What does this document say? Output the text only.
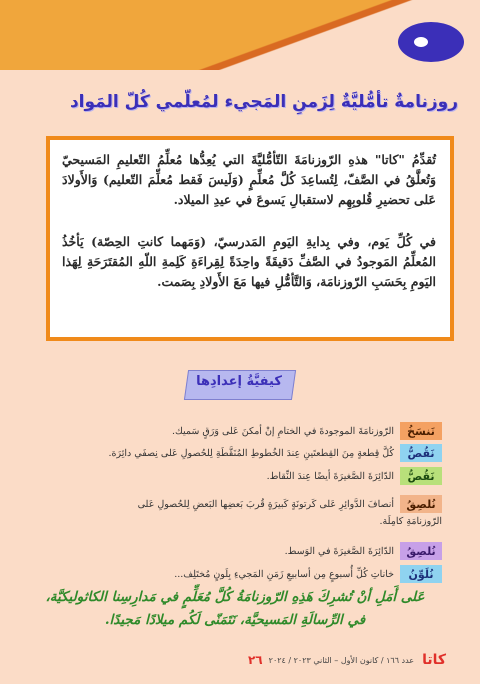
روزنامةٌ تأمُّليَّةٌ لِزَمنِ المَجيء لمُعلّمي كُلّ المَواد

تُقدِّمُ "كاتا" هذهِ الرّوزنامَةَ التّأمُّليَّةَ التي يُعِدُّها مُعلِّمُ التّعليمِ المَسيحيّ وَتُعلَّقُ في الصَّفّ، لِتُساعِدَ كُلَّ مُعلِّمٍ (وَلَيسَ فَقط مُعلِّمَ التّعليم) وَالأَولادَ عَلى تحضيرِ قُلوبِهِم لاستقبالِ يَسوعَ في عيدِ الميلاد.

في كُلِّ يَوم، وفي بِدايةِ اليَومِ المَدرسيّ، (وَمَهما كانتِ الحِصّة) يَأخُذُ المُعلِّمُ المَوجودُ في الصَّفِّ دَقيقَةً واحِدَةً لِقِراءَةِ كَلِمةِ اللّهِ المُقتَرَحَةِ لِهَذا اليَومِ بِحَسَبِ الرّوزنامَة، وَالتَّأمُّلِ فيها مَعَ الأَولادِ بِصَمت.

كيفيَّةُ إعدادِها
نَنسَخُ
الرّوزنامَةَ الموجودةَ في الختامِ إنْ أمكنَ عَلى وَرَقٍ سَميك.
نَقُصُّ
كُلَّ قِطعةٍ مِنَ القِطعتَينِ عِندَ الخُطوطِ المُنَقَّطَةِ لِلحُصولِ عَلى نِصفَي دائِرَة.
نَقُصُّ
الدّائِرَةَ الصَّغيرَةَ أيضًا عِندَ النِّقاط.
نُلصِقُ
أنصافَ الدَّوائِرِ عَلى كَرتونَةٍ كَبيرَةٍ قُربَ بَعضِها البَعضِ لِلحُصولِ عَلى
الرّوزنامَةِ كامِلَة.
نُلصِقُ
الدّائِرَةَ الصَّغيرَةَ في الوَسط.
نُلَوِّنُ
خاناتِ كُلِّ أُسبوعٍ مِن أسابيعِ زَمَنِ المَجيءِ بِلَونٍ مُختَلِف...
عَلى أَمَلِ أنْ تُشرِكَ هَذِهِ الرّوزنامَةُ كُلَّ مُعَلِّمٍ في مَدارِسِنا الكاثوليكيَّة،
في الرِّسالَةِ المَسيحيَّة، نَتَمَنّى لَكُم ميلادًا مَجيدًا.
كاتا
عدد ١٦٦ / كانون الأول – الثاني ٢٠٢٣ / ٢٠٢٤
٢٦
